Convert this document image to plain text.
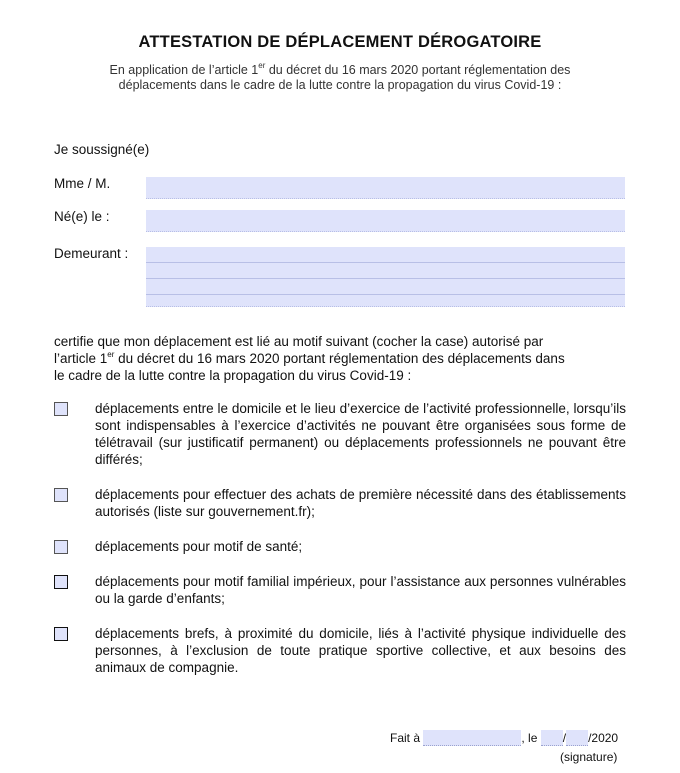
ATTESTATION DE DÉPLACEMENT DÉROGATOIRE

En application de l’article 1er du décret du 16 mars 2020 portant réglementation des

déplacements dans le cadre de la lutte contre la propagation du virus Covid-19 :

Je soussigné(e)
Mme / M.
Né(e) le :
Demeurant :

certifie que mon déplacement est lié au motif suivant (cocher la case) autorisé par

l’article 1er du décret du 16 mars 2020 portant réglementation des déplacements dans

le cadre de la lutte contre la propagation du virus Covid-19 :

déplacements entre le domicile et le lieu d’exercice de l’activité professionnelle, lorsqu’ils sont indispensables à l’exercice d’activités ne pouvant être organisées sous forme de télétravail (sur justificatif permanent) ou déplacements professionnels ne pouvant être différés;
déplacements pour effectuer des achats de première nécessité dans des établissements autorisés (liste sur gouvernement.fr);
déplacements pour motif de santé;
déplacements pour motif familial impérieux, pour l’assistance aux personnes vulnérables ou la garde d’enfants;
déplacements brefs, à proximité du domicile, liés à l’activité physique individuelle des personnes, à l’exclusion de toute pratique sportive collective, et aux besoins des animaux de compagnie.
Fait à	, le / /2020
(signature)
